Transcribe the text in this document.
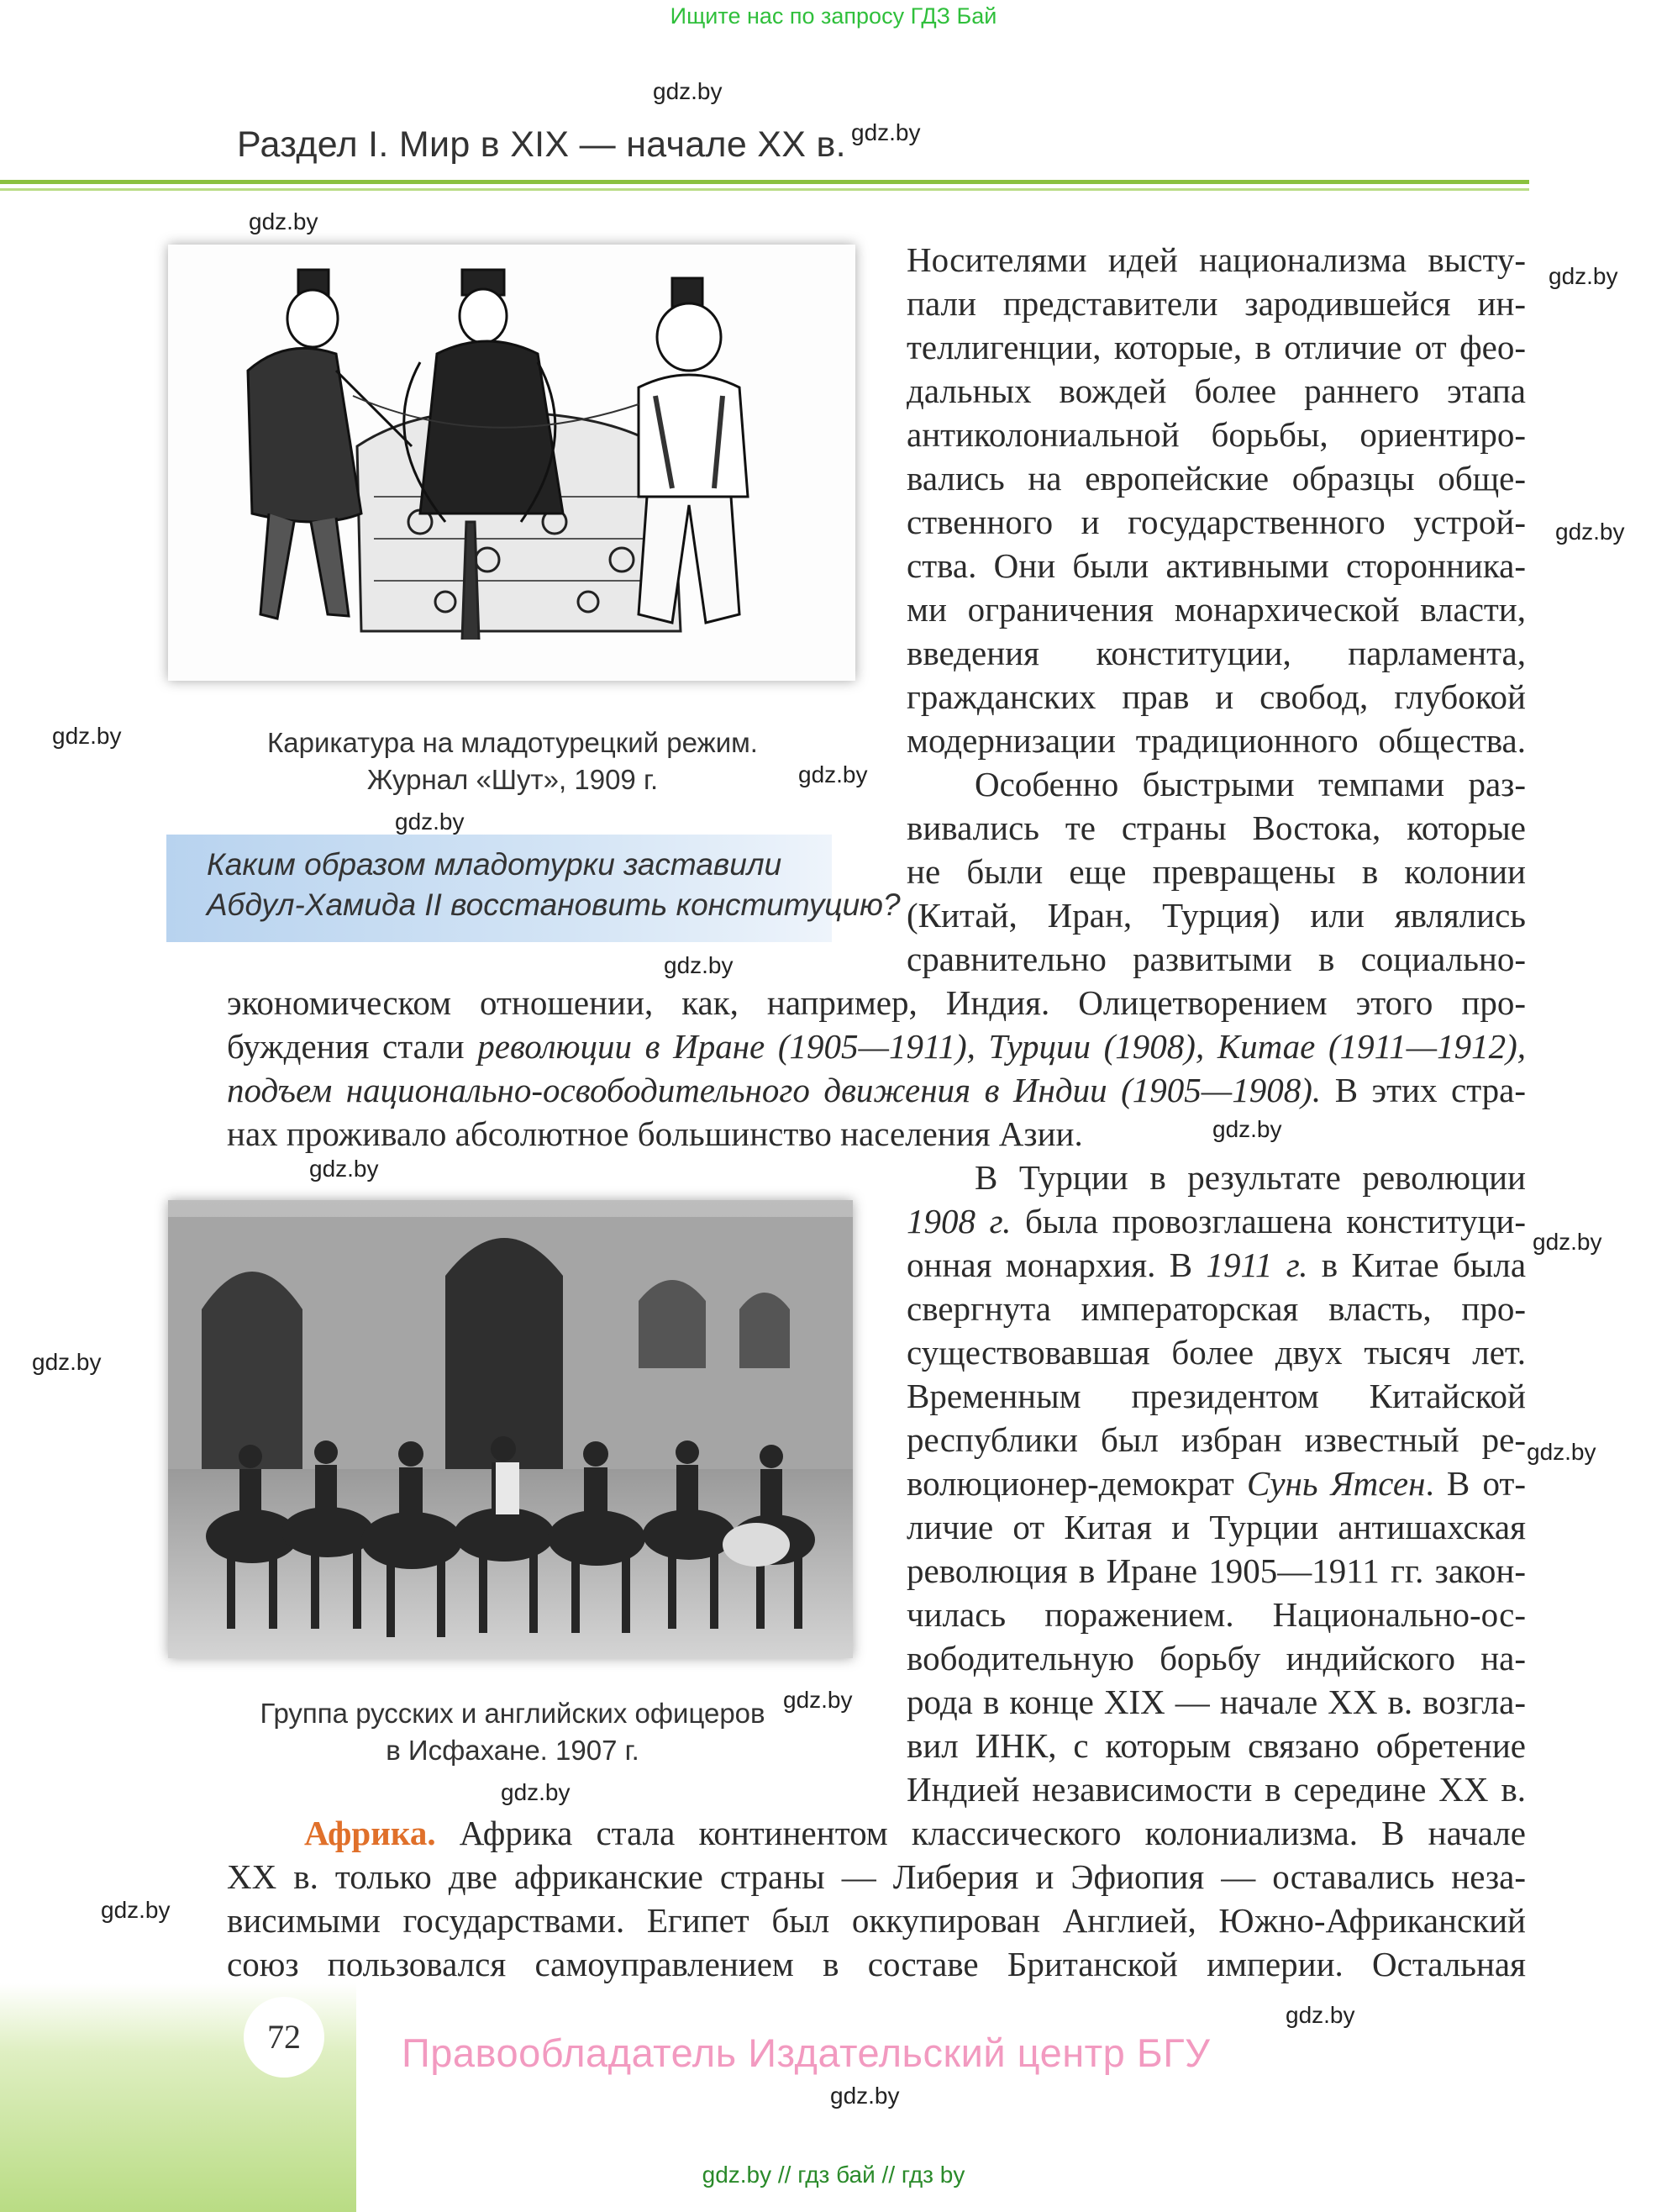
Ищите нас по запросу ГДЗ Бай
Раздел I. Мир в XIX — начале XX в.
Карикатура на младотурецкий режим.
Журнал «Шут», 1909 г.
Каким образом младотурки заставили
Абдул-Хамида II восстановить конституцию?
Группа русских и английских офицеров
в Исфахане. 1907 г.
Носителями идей национализма высту-
пали представители зародившейся ин-
теллигенции, которые, в отличие от фео-
дальных вождей более раннего этапа
антиколониальной борьбы, ориентиро-
вались на европейские образцы обще-
ственного и государственного устрой-
ства. Они были активными сторонника-
ми ограничения монархической власти,
введения конституции, парламента,
гражданских прав и свобод, глубокой
модернизации традиционного общества.
Особенно быстрыми темпами раз-
вивались те страны Востока, которые
не были еще превращены в колонии
(Китай, Иран, Турция) или являлись
сравнительно развитыми в социально-
экономическом отношении, как, например, Индия. Олицетворением этого про-
буждения стали революции в Иране (1905—1911), Турции (1908), Китае (1911—1912),
подъем национально-освободительного движения в Индии (1905—1908). В этих стра-
нах проживало абсолютное большинство населения Азии.
В Турции в результате революции
1908 г. была провозглашена конституци-
онная монархия. В 1911 г. в Китае была
свергнута императорская власть, про-
существовавшая более двух тысяч лет.
Временным президентом Китайской
республики был избран известный ре-
волюционер-демократ Сунь Ятсен. В от-
личие от Китая и Турции антишахская
революция в Иране 1905—1911 гг. закон-
чилась поражением. Национально-ос-
вободительную борьбу индийского на-
рода в конце XIX — начале XX в. возгла-
вил ИНК, с которым связано обретение
Индией независимости в середине XX в.
Африка. Африка стала континентом классического колониализма. В начале
XX в. только две африканские страны — Либерия и Эфиопия — оставались неза-
висимыми государствами. Египет был оккупирован Англией, Южно-Африканский
союз пользовался самоуправлением в составе Британской империи. Остальная
gdz.by
gdz.by
gdz.by
gdz.by
gdz.by
gdz.by
gdz.by
gdz.by
gdz.by
gdz.by
gdz.by
gdz.by
gdz.by
gdz.by
gdz.by
gdz.by
gdz.by
gdz.by
gdz.by
72	Правообладатель Издательский центр БГУ
gdz.by // гдз бай // гдз by
